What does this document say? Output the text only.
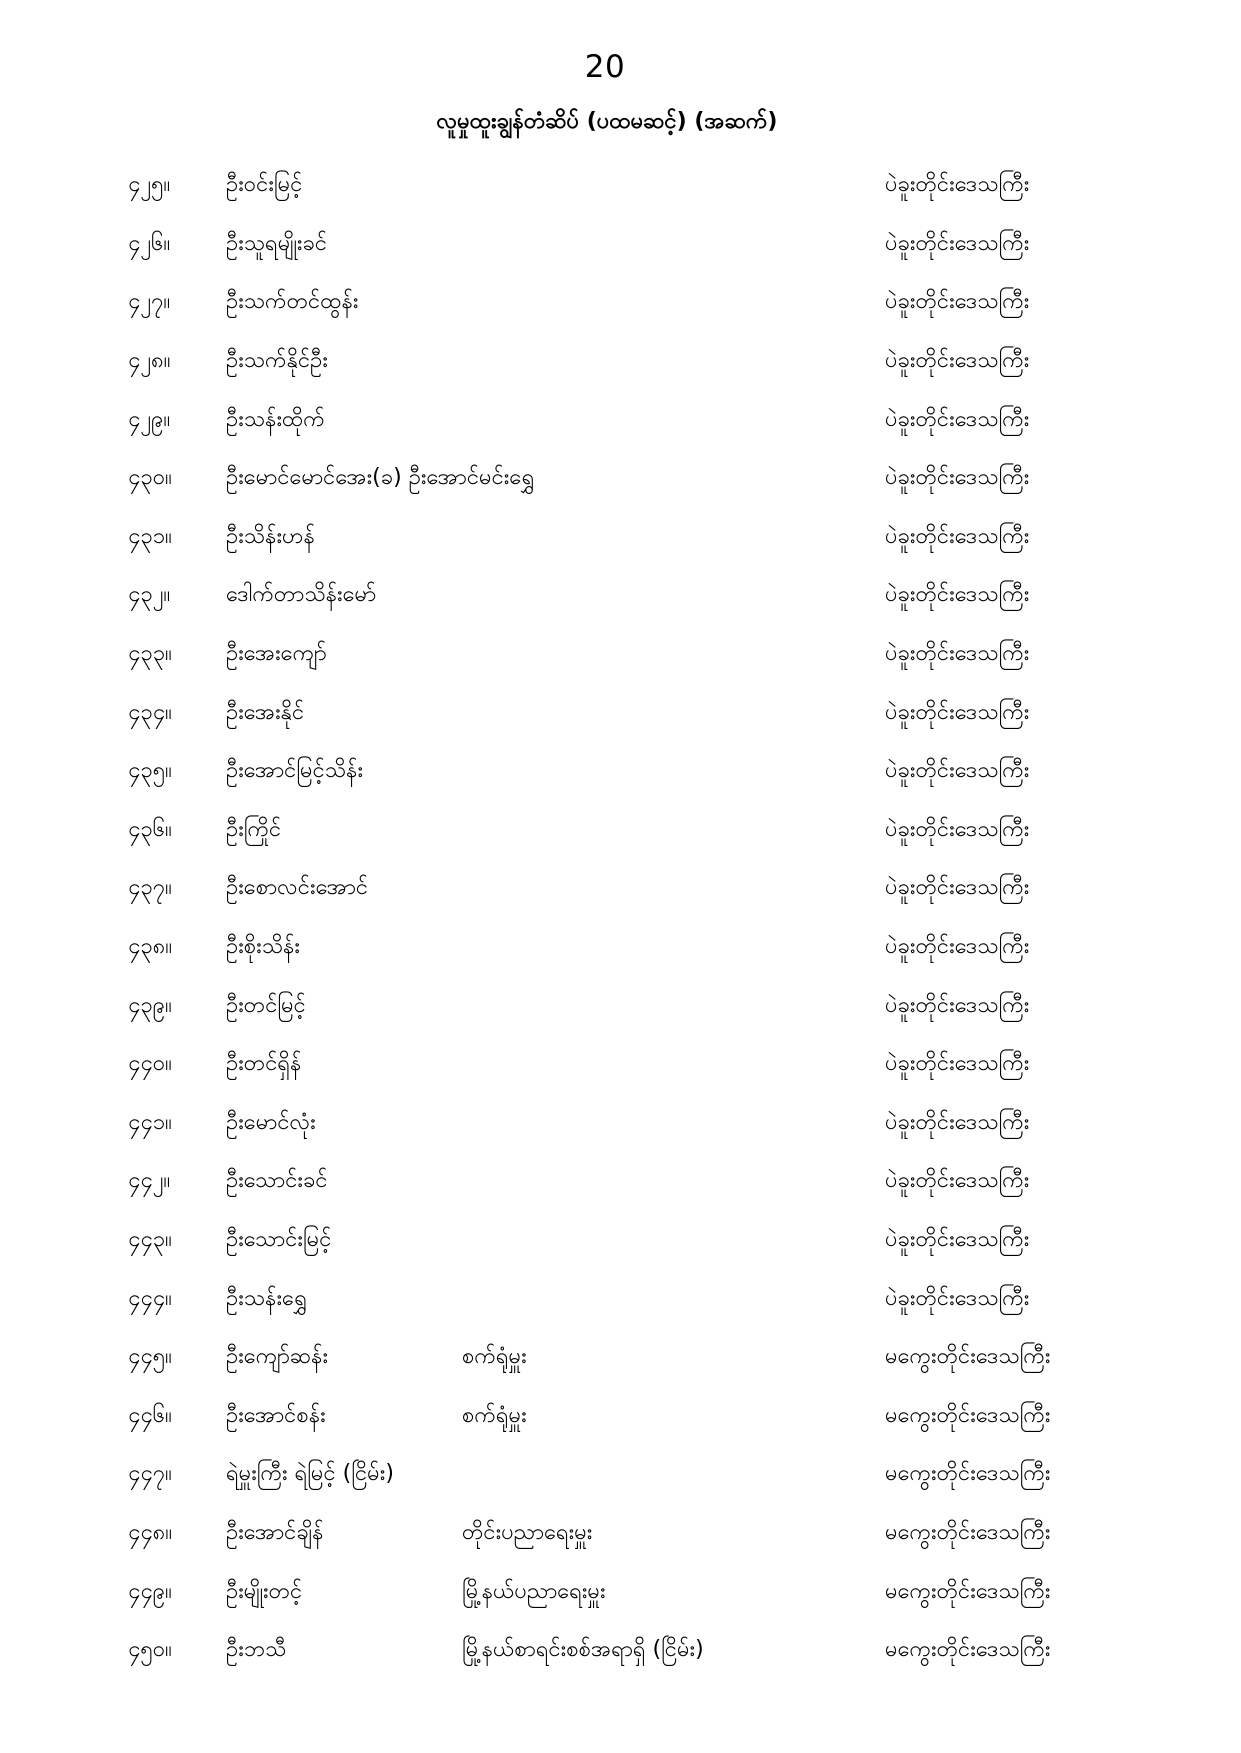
20
လူမှုထူးချွန်တံဆိပ် (ပထမဆင့်) (အဆက်)
၄၂၅။	ဦးဝင်းမြင့်	ပဲခူးတိုင်းဒေသကြီး
၄၂၆။	ဦးသူရမျိုးခင်	ပဲခူးတိုင်းဒေသကြီး
၄၂၇။	ဦးသက်တင်ထွန်း	ပဲခူးတိုင်းဒေသကြီး
၄၂၈။	ဦးသက်နိုင်ဦး	ပဲခူးတိုင်းဒေသကြီး
၄၂၉။	ဦးသန်းထိုက်	ပဲခူးတိုင်းဒေသကြီး
၄၃၀။ ဦးမောင်မောင်အေး(ခ) ဦးအောင်မင်းရွှေ	ပဲခူးတိုင်းဒေသကြီး
၄၃၁။ ဦးသိန်းဟန်	ပဲခူးတိုင်းဒေသကြီး
၄၃၂။	ဒေါက်တာသိန်းမော်	ပဲခူးတိုင်းဒေသကြီး
၄၃၃။ ဦးအေးကျော်	ပဲခူးတိုင်းဒေသကြီး
၄၃၄။ ဦးအေးနိုင်	ပဲခူးတိုင်းဒေသကြီး
၄၃၅။ ဦးအောင်မြင့်သိန်း	ပဲခူးတိုင်းဒေသကြီး
၄၃၆။ ဦးကြိုင်	ပဲခူးတိုင်းဒေသကြီး
၄၃၇။ ဦးစောလင်းအောင်	ပဲခူးတိုင်းဒေသကြီး
၄၃၈။ ဦးစိုးသိန်း	ပဲခူးတိုင်းဒေသကြီး
၄၃၉။ ဦးတင်မြင့်	ပဲခူးတိုင်းဒေသကြီး
၄၄၀။ ဦးတင်ရှိန်	ပဲခူးတိုင်းဒေသကြီး
၄၄၁။ ဦးမောင်လုံး	ပဲခူးတိုင်းဒေသကြီး
၄၄၂။	ဦးသောင်းခင်	ပဲခူးတိုင်းဒေသကြီး
၄၄၃။ ဦးသောင်းမြင့်	ပဲခူးတိုင်းဒေသကြီး
၄၄၄။ ဦးသန်းရွှေ	ပဲခူးတိုင်းဒေသကြီး
၄၄၅။ ဦးကျော်ဆန်း	စက်ရုံမှူး	မကွေးတိုင်းဒေသကြီး
၄၄၆။ ဦးအောင်စန်း	စက်ရုံမှူး	မကွေးတိုင်းဒေသကြီး
၄၄၇။ ရဲမှူးကြီး ရဲမြင့် (ငြိမ်း)	မကွေးတိုင်းဒေသကြီး
၄၄၈။ ဦးအောင်ချိန်	တိုင်းပညာရေးမှူး	မကွေးတိုင်းဒေသကြီး
၄၄၉။ ဦးမျိုးတင့်	မြို့နယ်ပညာရေးမှူး	မကွေးတိုင်းဒေသကြီး
၄၅၀။ ဦးဘသီ	မြို့နယ်စာရင်းစစ်အရာရှိ (ငြိမ်း)	မကွေးတိုင်းဒေသကြီး
